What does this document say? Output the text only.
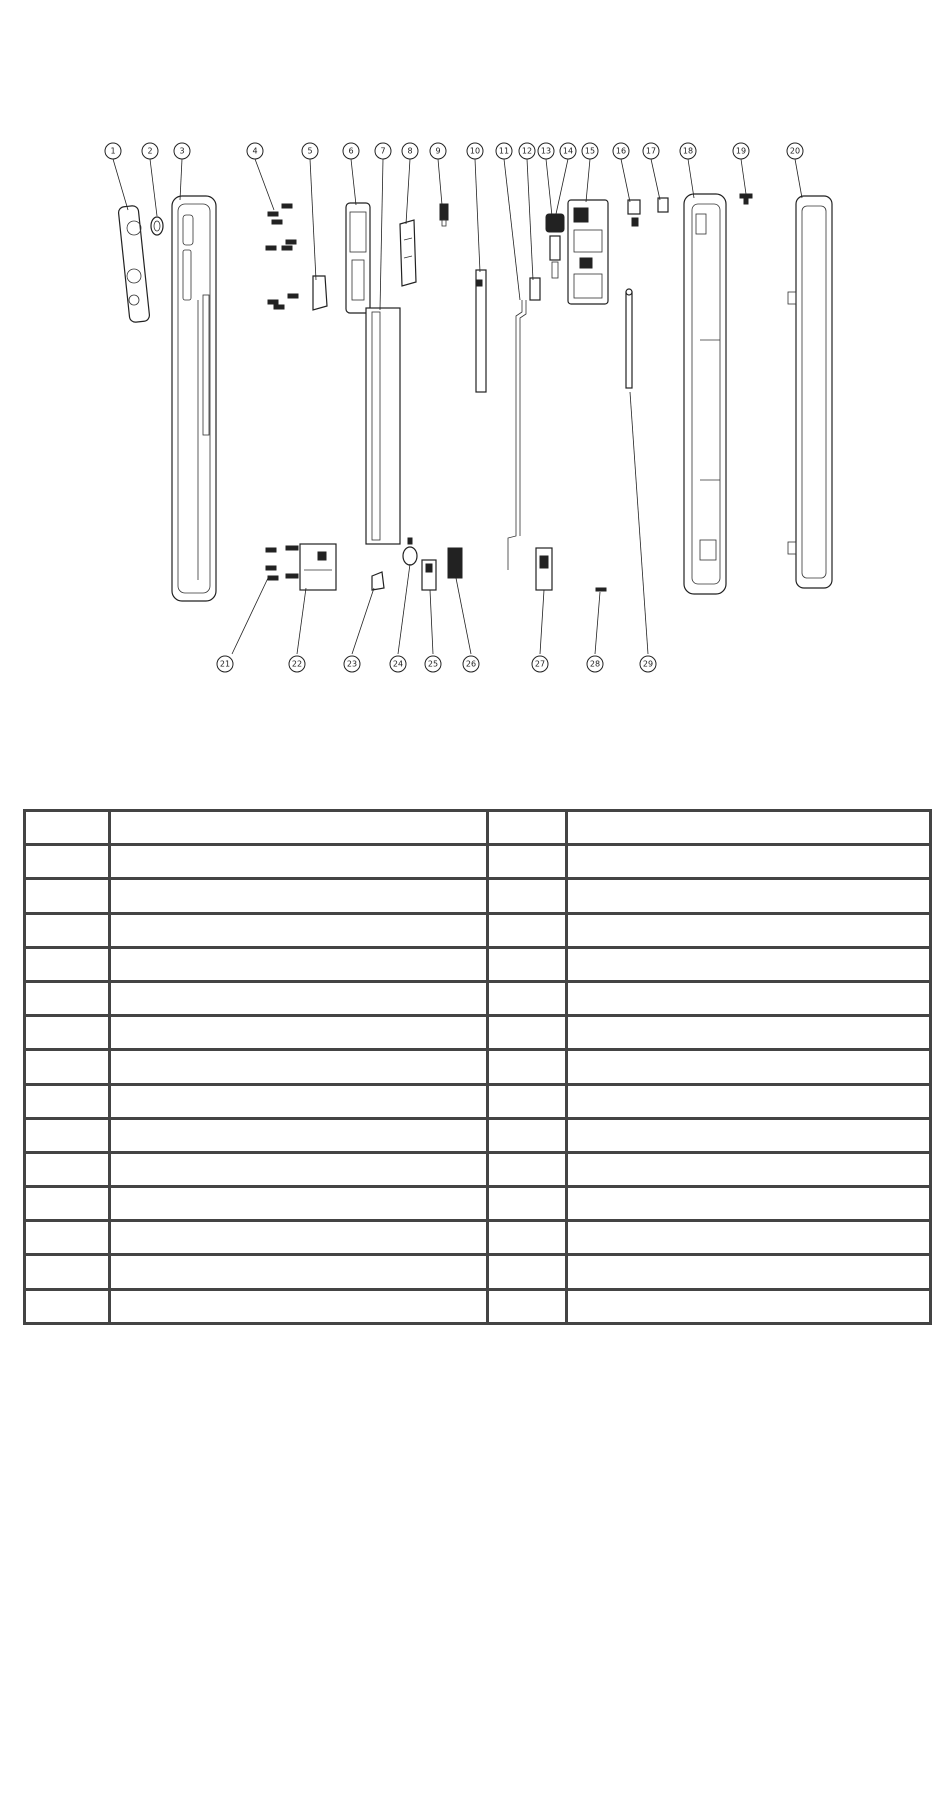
1	2	3	4	5	6	7	8	9	10 11 12 13 14 15	16 17	18	19	20
21	22	23	24	25	26	27	28	29
